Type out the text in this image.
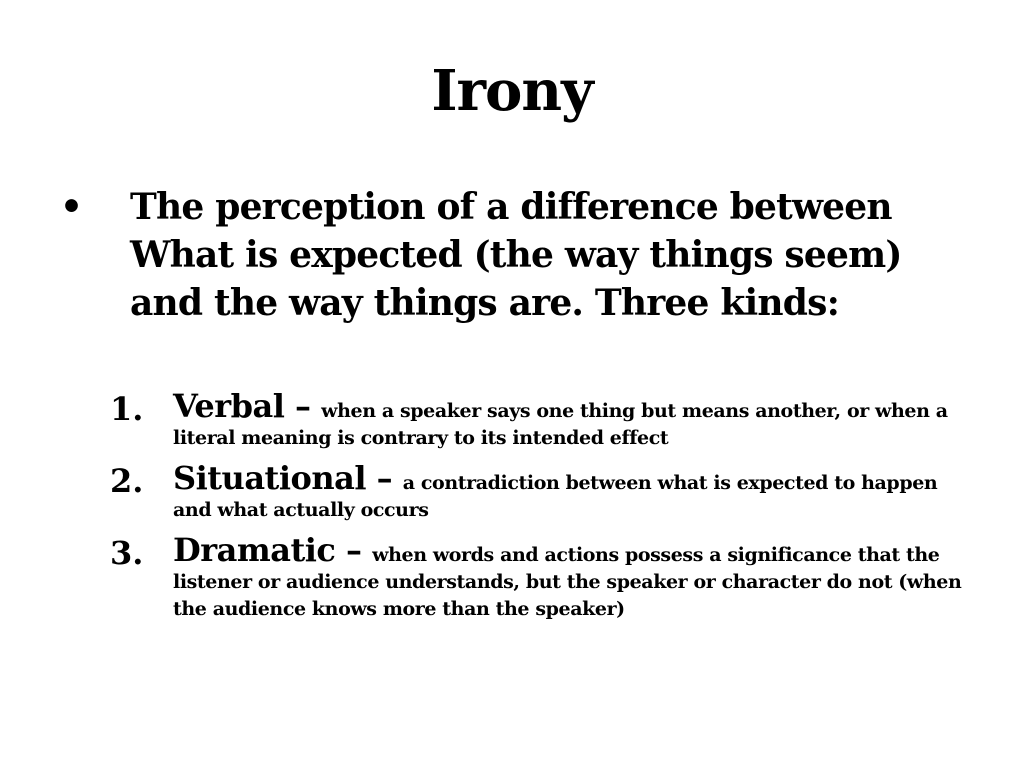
Irony
• The perception of a difference between What is expected (the way things seem) and the way things are. Three kinds:
1. Verbal – when a speaker says one thing but means another, or when a literal meaning is contrary to its intended effect
2. Situational – a contradiction between what is expected to happen and what actually occurs
3. Dramatic – when words and actions possess a significance that the listener or audience understands, but the speaker or character do not (when the audience knows more than the speaker)
